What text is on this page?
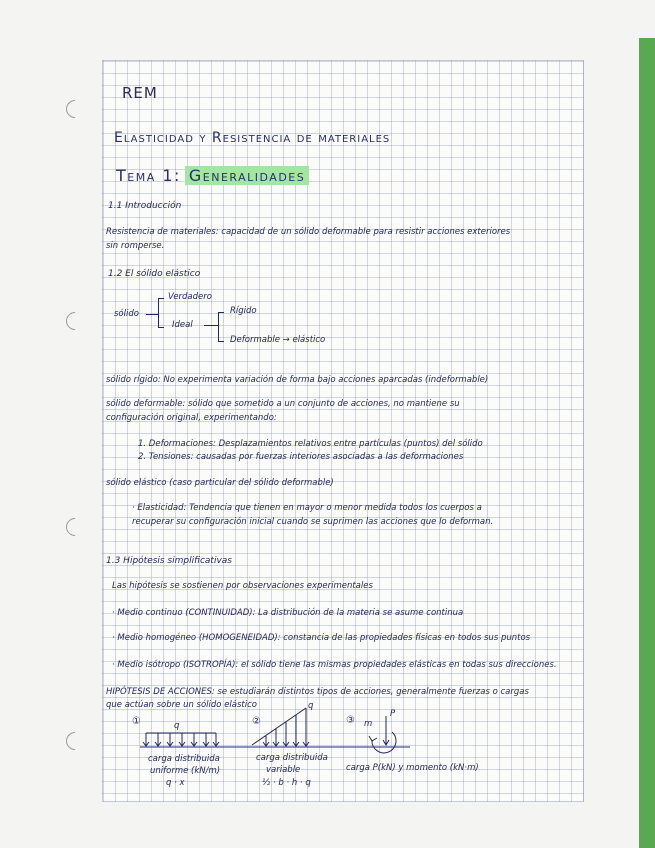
REM
Elasticidad y Resistencia de materiales
Tema 1: Generalidades
1.1 Introducción
Resistencia de materiales: capacidad de un sólido deformable para resistir acciones exteriores
sin romperse.
1.2 El sólido elástico
sólido
Verdadero
Ideal
Rígido
Deformable → elástico
sólido rígido: No experimenta variación de forma bajo acciones aparcadas (indeformable)
sólido deformable: sólido que sometido a un conjunto de acciones, no mantiene su
configuración original, experimentando:
1. Deformaciones: Desplazamientos relativos entre partículas (puntos) del sólido
2. Tensiones: causadas por fuerzas interiores asociadas a las deformaciones
sólido elástico (caso particular del sólido deformable)
· Elasticidad: Tendencia que tienen en mayor o menor medida todos los cuerpos a
recuperar su configuración inicial cuando se suprimen las acciones que lo deforman.
1.3 Hipótesis simplificativas
Las hipótesis se sostienen por observaciones experimentales
· Medio continuo (CONTINUIDAD): La distribución de la materia se asume continua
· Medio homogéneo (HOMOGENEIDAD): constancia de las propiedades físicas en todos sus puntos
· Medio isótropo (ISOTROPÍA): el sólido tiene las mismas propiedades elásticas en todas sus direcciones.
HIPÓTESIS DE ACCIONES: se estudiarán distintos tipos de acciones, generalmente fuerzas o cargas
que actúan sobre un sólido elástico
①	q
carga distribuida
uniforme (kN/m)
q · x
②
q
carga distribuida
variable
½ · b · h · q
③ m
P
carga P(kN) y momento (kN·m)
